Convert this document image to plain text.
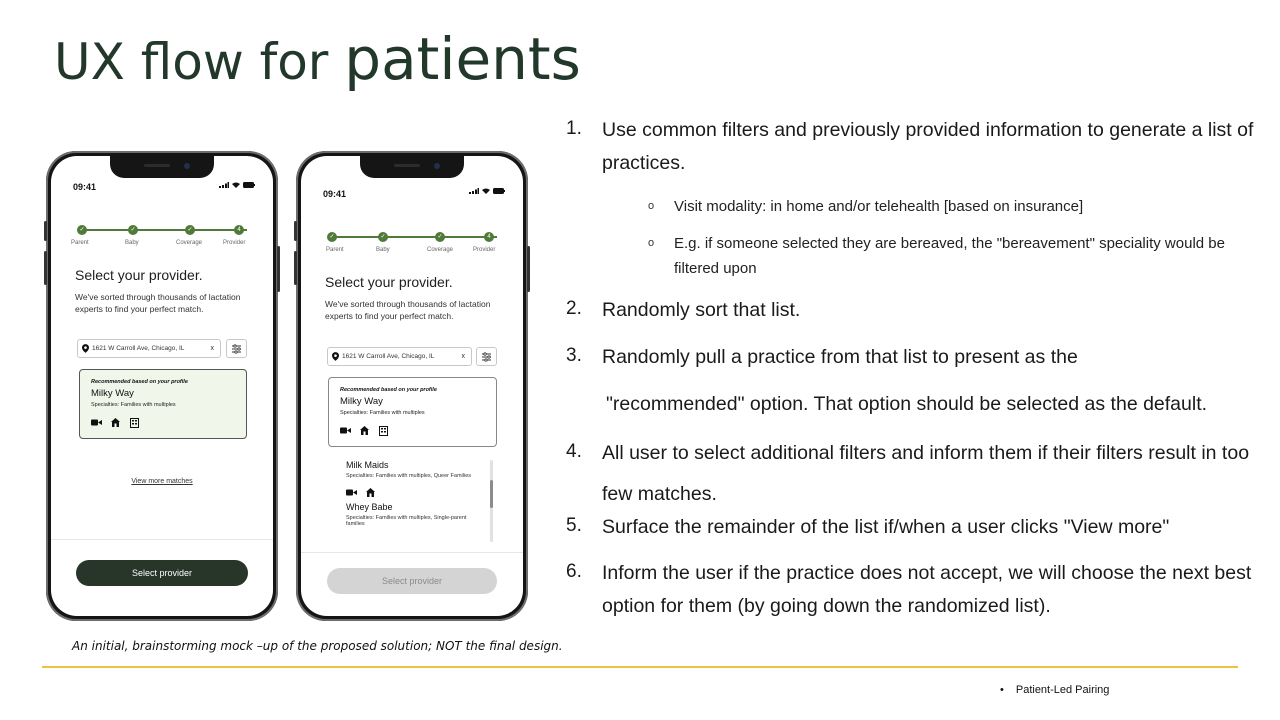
UX flow for patients
09:41

✓	✓	✓	4
Parent	Baby	Coverage	Provider
Select your provider.
We've sorted through thousands of lactation experts to find your perfect match.
1621 W Carroll Ave, Chicago, IL	x
Recommended based on your profile
Milky Way
Specialties: Families with multiples

View more matches
Select provider
09:41

✓	✓	✓	4
Parent	Baby	Coverage	Provider
Select your provider.
We've sorted through thousands of lactation experts to find your perfect match.
1621 W Carroll Ave, Chicago, IL	x
Recommended based on your profile
Milky Way
Specialties: Families with multiples

Milk Maids
Specialties: Families with multiples, Queer Families

Whey Babe
Specialties: Families with multiples, Single-parent families
Select provider
An initial, brainstorming mock –up of the proposed solution; NOT the final design.
1. Use common filters and previously provided information to generate a list of practices.
o Visit modality: in home and/or telehealth [based on insurance]
o E.g. if someone selected they are bereaved, the "bereavement" speciality would be filtered upon
2. Randomly sort that list.
3. Randomly pull a practice from that list to present as the
"recommended" option. That option should be selected as the default.
4. All user to select additional filters and inform them if their filters result in too few matches.
5. Surface the remainder of the list if/when a user clicks "View more"
6. Inform the user if the practice does not accept, we will choose the next best option for them (by going down the randomized list).
• Patient-Led Pairing
